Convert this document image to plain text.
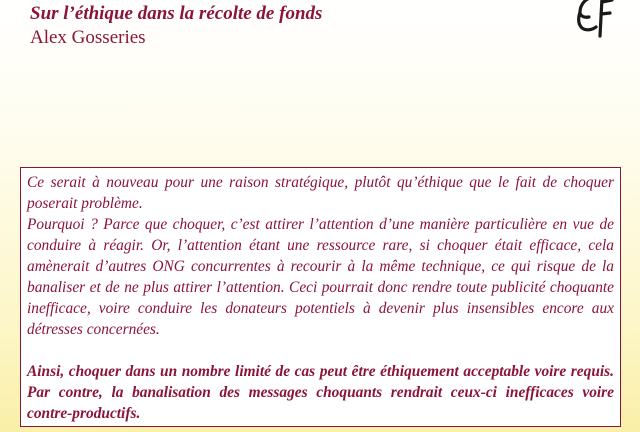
Sur l’éthique dans la récolte de fonds
Alex Gosseries

Ce serait à nouveau pour une raison stratégique, plutôt qu’éthique que le fait de choquer poserait problème.

Pourquoi ? Parce que choquer, c’est attirer l’attention d’une manière particulière en vue de conduire à réagir. Or, l’attention étant une ressource rare, si choquer était efficace, cela amènerait d’autres ONG concurrentes à recourir à la même technique, ce qui risque de la banaliser et de ne plus attirer l’attention. Ceci pourrait donc rendre toute publicité choquante inefficace, voire conduire les donateurs potentiels à devenir plus insensibles encore aux détresses concernées.

Ainsi, choquer dans un nombre limité de cas peut être éthiquement acceptable voire requis. Par contre, la banalisation des messages choquants rendrait ceux-ci inefficaces voire contre-productifs.
